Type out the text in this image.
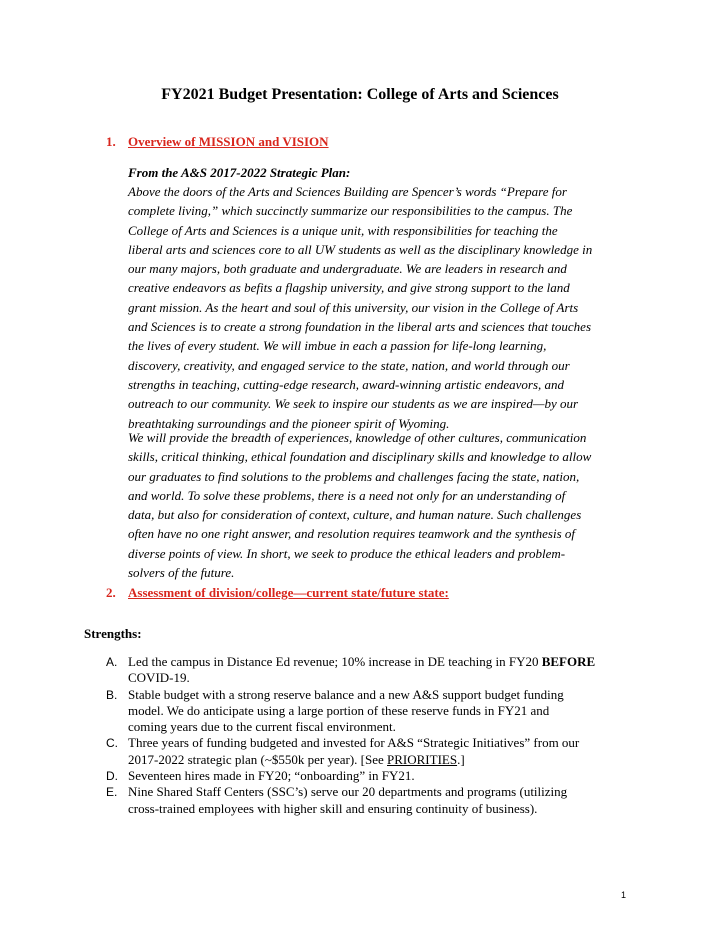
FY2021 Budget Presentation: College of Arts and Sciences
1. Overview of MISSION and VISION
From the A&S 2017-2022 Strategic Plan:
Above the doors of the Arts and Sciences Building are Spencer’s words “Prepare for
complete living,” which succinctly summarize our responsibilities to the campus. The
College of Arts and Sciences is a unique unit, with responsibilities for teaching the
liberal arts and sciences core to all UW students as well as the disciplinary knowledge in
our many majors, both graduate and undergraduate. We are leaders in research and
creative endeavors as befits a flagship university, and give strong support to the land
grant mission. As the heart and soul of this university, our vision in the College of Arts
and Sciences is to create a strong foundation in the liberal arts and sciences that touches
the lives of every student. We will imbue in each a passion for life-long learning,
discovery, creativity, and engaged service to the state, nation, and world through our
strengths in teaching, cutting-edge research, award-winning artistic endeavors, and
outreach to our community. We seek to inspire our students as we are inspired—by our
breathtaking surroundings and the pioneer spirit of Wyoming.
We will provide the breadth of experiences, knowledge of other cultures, communication
skills, critical thinking, ethical foundation and disciplinary skills and knowledge to allow
our graduates to find solutions to the problems and challenges facing the state, nation,
and world. To solve these problems, there is a need not only for an understanding of
data, but also for consideration of context, culture, and human nature. Such challenges
often have no one right answer, and resolution requires teamwork and the synthesis of
diverse points of view. In short, we seek to produce the ethical leaders and problem-
solvers of the future.
2. Assessment of division/college—current state/future state:
Strengths:
A. Led the campus in Distance Ed revenue; 10% increase in DE teaching in FY20 BEFORE
COVID-19.
B. Stable budget with a strong reserve balance and a new A&S support budget funding
model. We do anticipate using a large portion of these reserve funds in FY21 and
coming years due to the current fiscal environment.
C. Three years of funding budgeted and invested for A&S “Strategic Initiatives” from our
2017-2022 strategic plan (~$550k per year). [See PRIORITIES.]
D. Seventeen hires made in FY20; “onboarding” in FY21.
E. Nine Shared Staff Centers (SSC’s) serve our 20 departments and programs (utilizing
cross-trained employees with higher skill and ensuring continuity of business).
1
